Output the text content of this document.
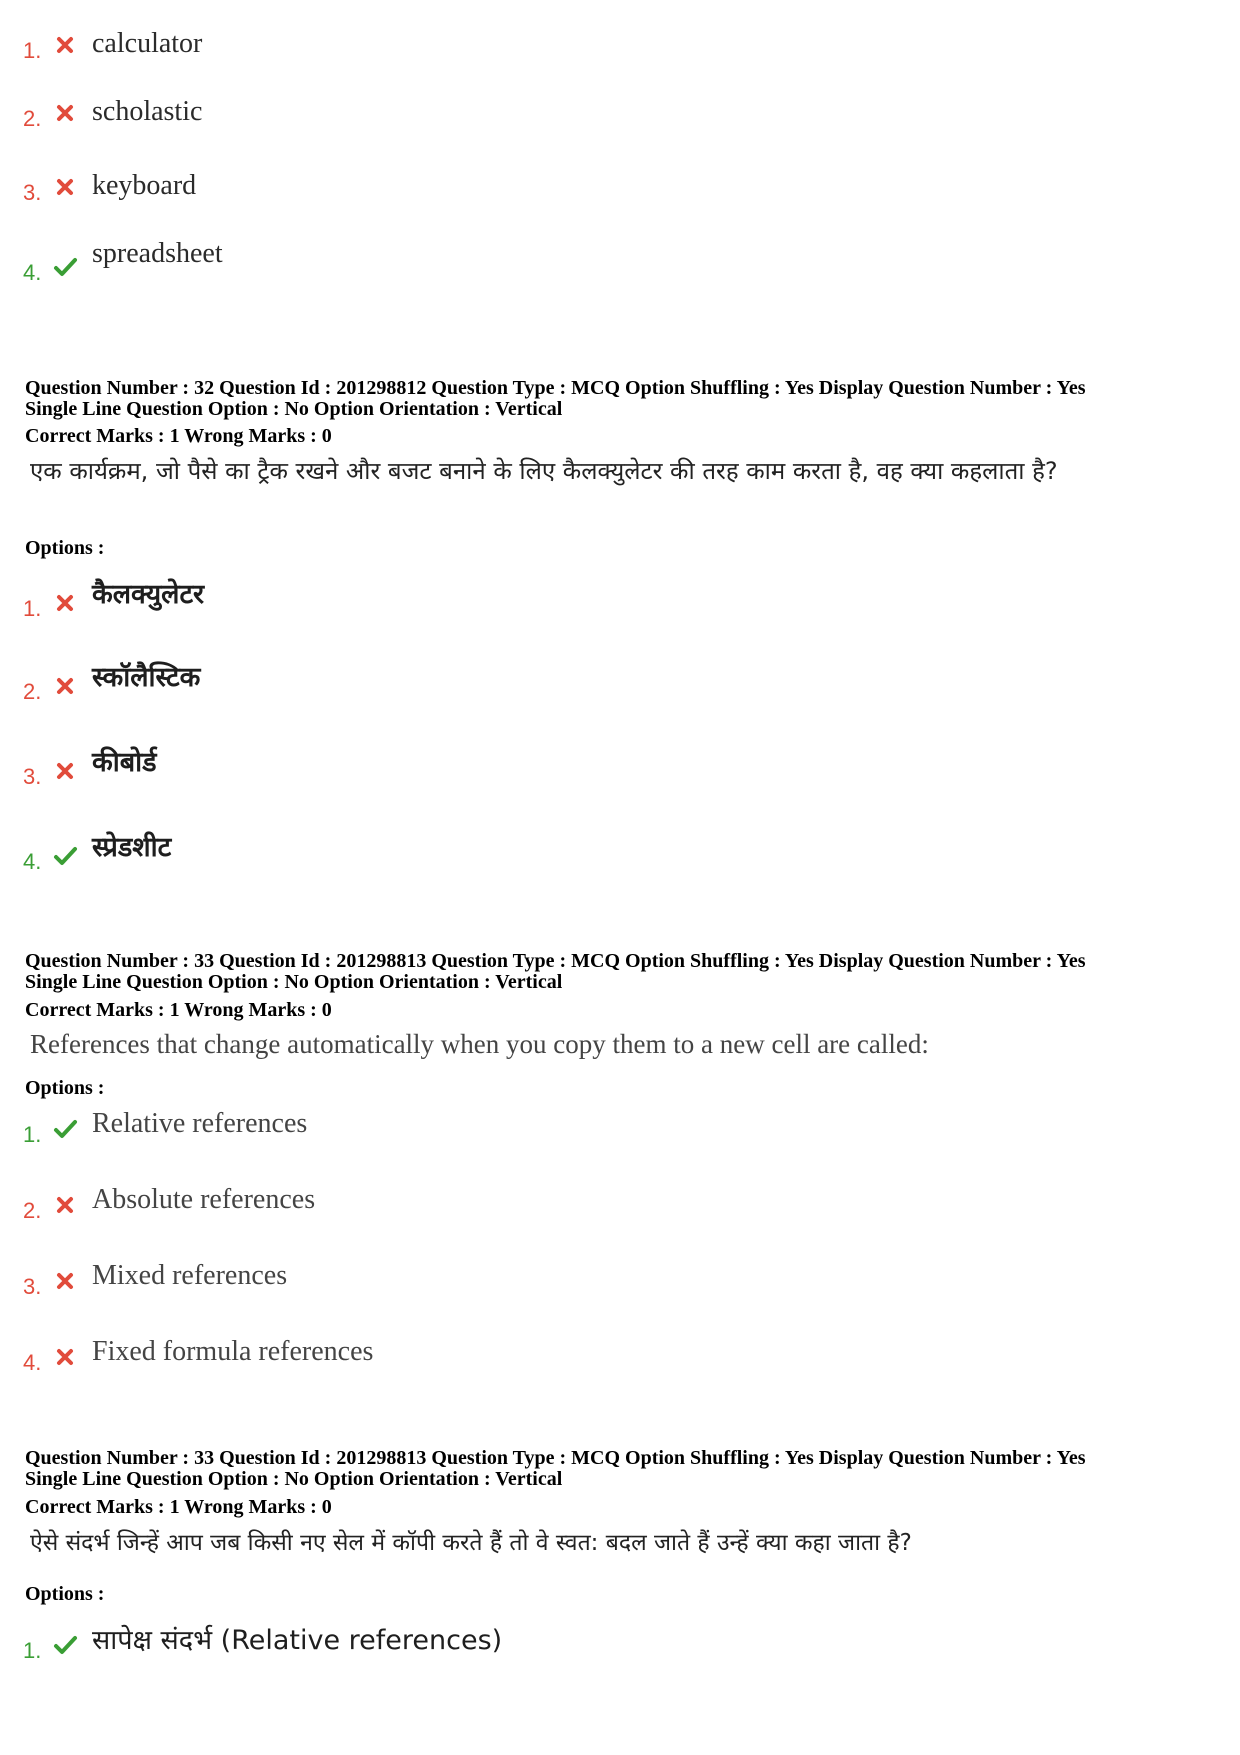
1. calculator
2. scholastic
3. keyboard
4.
spreadsheet
Question Number : 32 Question Id : 201298812 Question Type : MCQ Option Shuffling : Yes Display Question Number : Yes
Single Line Question Option : No Option Orientation : Vertical
Correct Marks : 1 Wrong Marks : 0
एक कार्यक्रम, जो पैसे का ट्रैक रखने और बजट बनाने के लिए कैलक्युलेटर की तरह काम करता है, वह क्या कहलाता है?
Options :
1. कैलक्युलेटर
2. स्कॉलैस्टिक
3. कीबोर्ड
4. स्प्रेडशीट
Question Number : 33 Question Id : 201298813 Question Type : MCQ Option Shuffling : Yes Display Question Number : Yes
Single Line Question Option : No Option Orientation : Vertical
Correct Marks : 1 Wrong Marks : 0
References that change automatically when you copy them to a new cell are called:
Options :
1. Relative references
2. Absolute references
3. Mixed references
4. Fixed formula references
Question Number : 33 Question Id : 201298813 Question Type : MCQ Option Shuffling : Yes Display Question Number : Yes
Single Line Question Option : No Option Orientation : Vertical
Correct Marks : 1 Wrong Marks : 0
ऐसे संदर्भ जिन्हें आप जब किसी नए सेल में कॉपी करते हैं तो वे स्वत: बदल जाते हैं उन्हें क्या कहा जाता है?
Options :
1. सापेक्ष संदर्भ (Relative references)
